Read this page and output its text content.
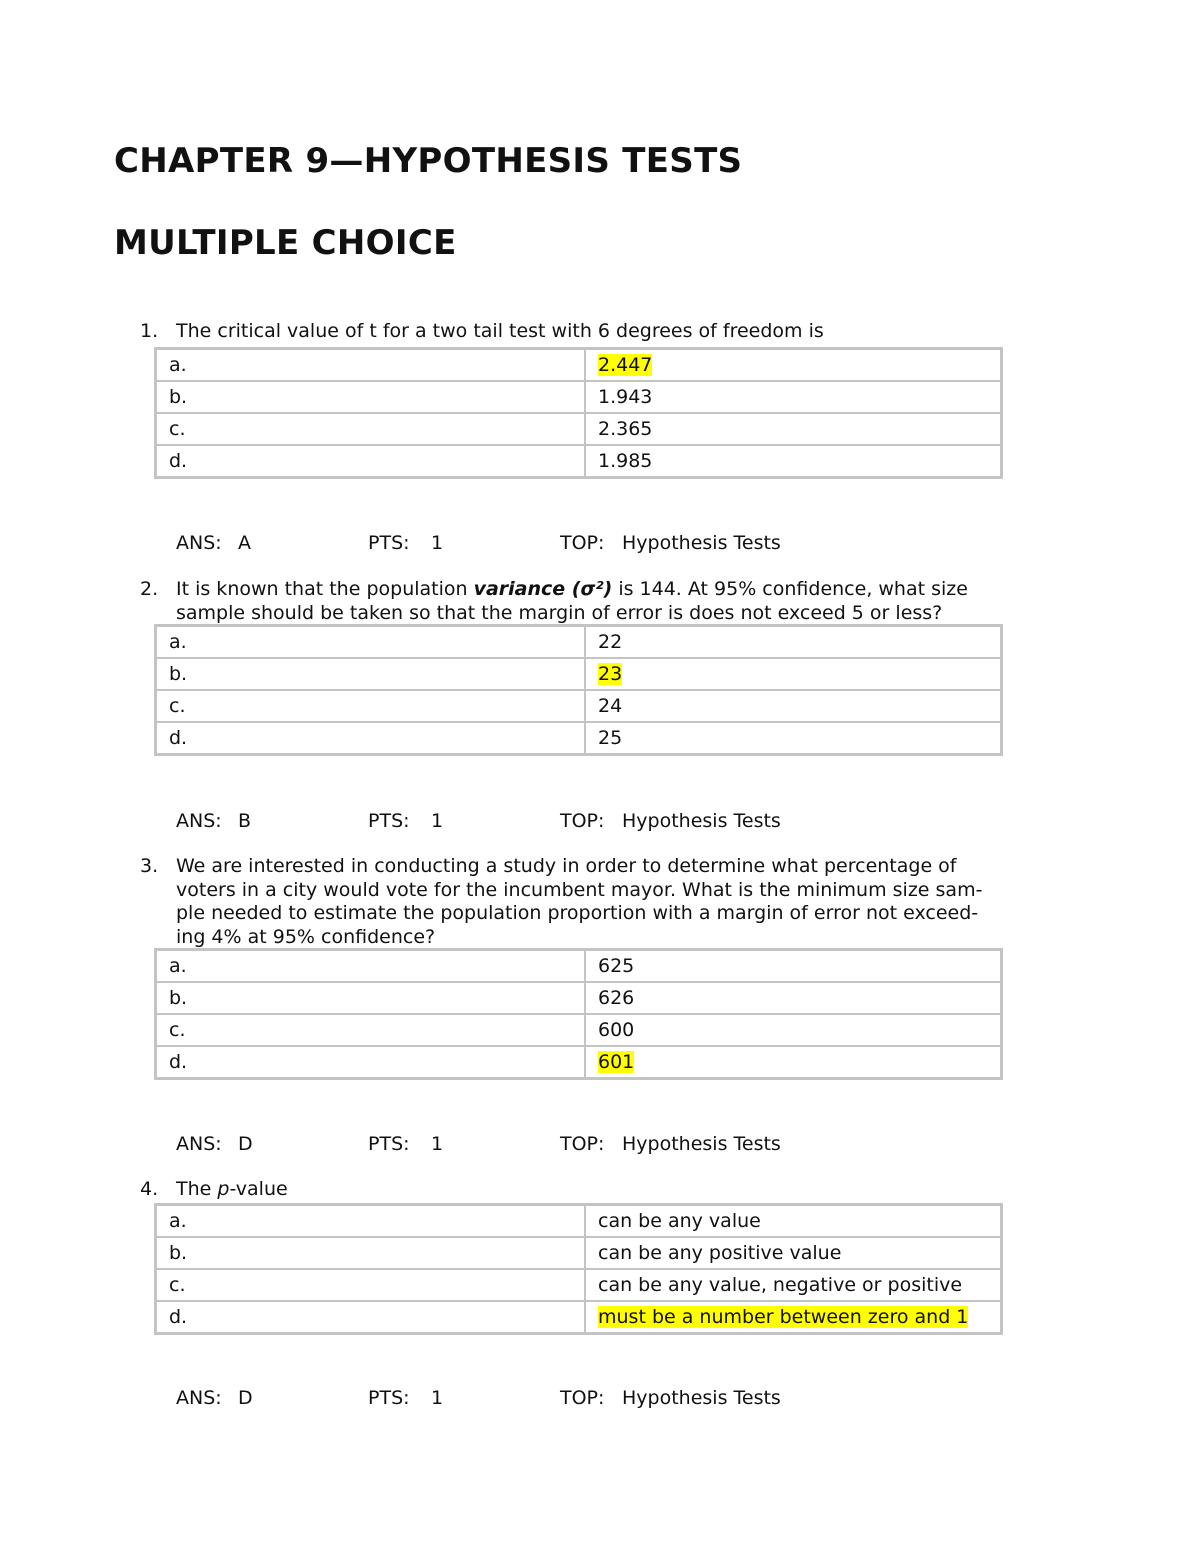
CHAPTER 9—HYPOTHESIS TESTS
MULTIPLE CHOICE
1. The critical value of t for a two tail test with 6 degrees of freedom is
a.	2.447
b.	1.943
c.	2.365
d.	1.985
ANS: A	PTS: 1	TOP: Hypothesis Tests
2. It is known that the population variance (σ²) is 144. At 95% confidence, what size sample should be taken so that the margin of error is does not exceed 5 or less?
a.	22
b.	23
c.	24
d.	25
ANS: B	PTS: 1	TOP: Hypothesis Tests
3. We are interested in conducting a study in order to determine what percentage of
voters in a city would vote for the incumbent mayor. What is the minimum size sam-
ple needed to estimate the population proportion with a margin of error not exceed-
ing 4% at 95% confidence?
a.	625
b.	626
c.	600
d.	601
ANS: D	PTS: 1	TOP: Hypothesis Tests
4. The p-value
a.	can be any value
b.	can be any positive value
c.	can be any value, negative or positive
d.	must be a number between zero and 1
ANS: D	PTS: 1	TOP: Hypothesis Tests
